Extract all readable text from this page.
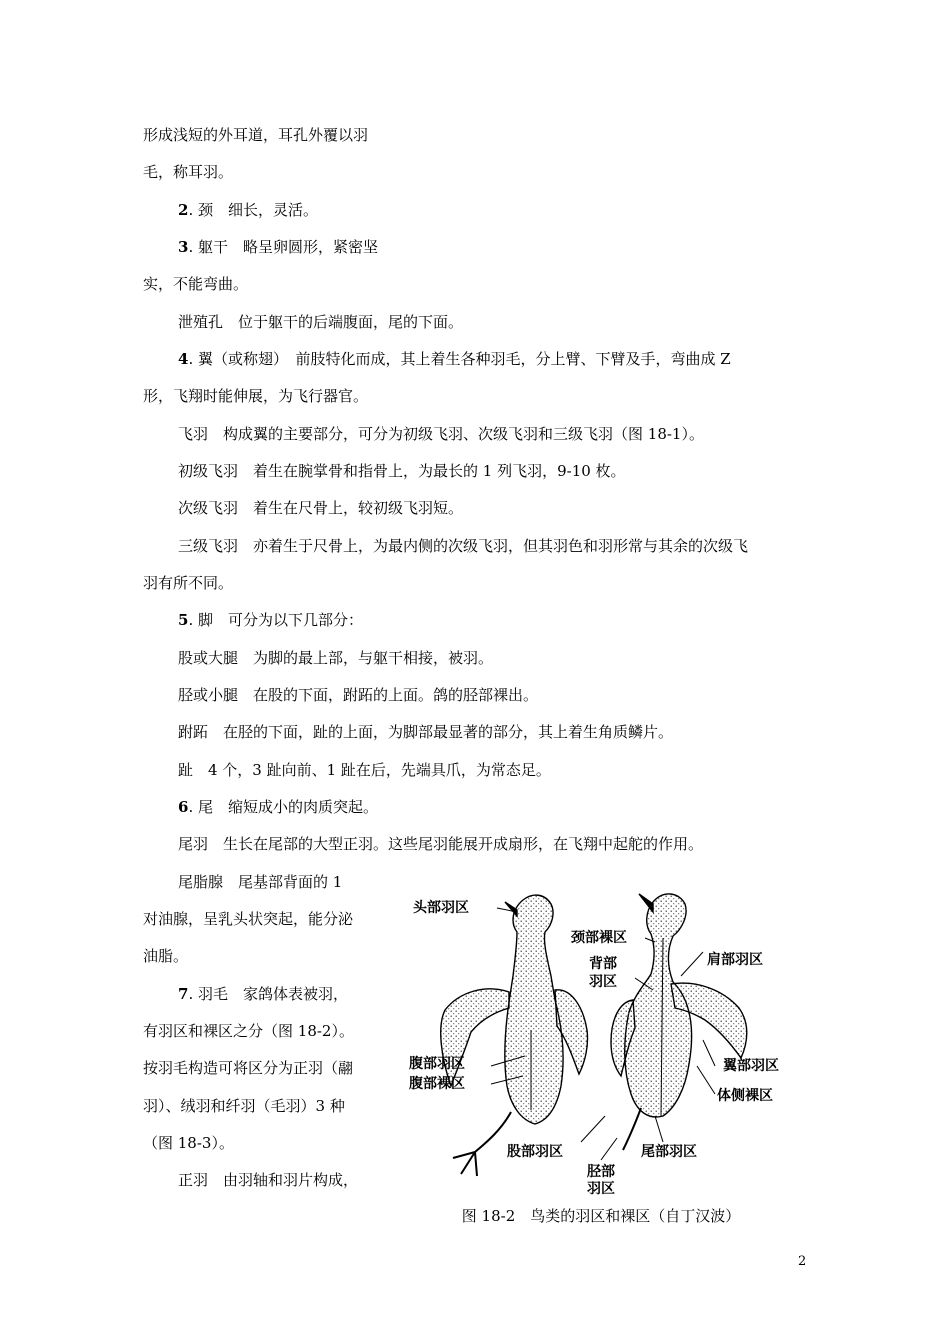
形成浅短的外耳道，耳孔外覆以羽
毛，称耳羽。
2. 颈　细长，灵活。
3. 躯干　略呈卵圆形，紧密坚
实，不能弯曲。
泄殖孔　位于躯干的后端腹面，尾的下面。
4. 翼（或称翅）　前肢特化而成，其上着生各种羽毛，分上臂、下臂及手，弯曲成 Z
形，飞翔时能伸展，为飞行器官。
飞羽　构成翼的主要部分，可分为初级飞羽、次级飞羽和三级飞羽（图 18-1）。
初级飞羽　着生在腕掌骨和指骨上，为最长的 1 列飞羽，9-10 枚。
次级飞羽　着生在尺骨上，较初级飞羽短。
三级飞羽　亦着生于尺骨上，为最内侧的次级飞羽，但其羽色和羽形常与其余的次级飞
羽有所不同。
5. 脚　可分为以下几部分：
股或大腿　为脚的最上部，与躯干相接，被羽。
胫或小腿　在股的下面，跗跖的上面。鸽的胫部裸出。
跗跖　在胫的下面，趾的上面，为脚部最显著的部分，其上着生角质鳞片。
趾　4 个，3 趾向前、1 趾在后，先端具爪，为常态足。
6. 尾　缩短成小的肉质突起。
尾羽　生长在尾部的大型正羽。这些尾羽能展开成扇形，在飞翔中起舵的作用。
尾脂腺　尾基部背面的 1
对油腺，呈乳头状突起，能分泌
油脂。
7. 羽毛　家鸽体表被羽，
有羽区和裸区之分（图 18-2）。
按羽毛构造可将区分为正羽（翮
羽）、绒羽和纤羽（毛羽）3 种
（图 18-3）。
正羽　由羽轴和羽片构成，
头部羽区
颈部裸区
背部
羽区
肩部羽区
翼部羽区
腹部羽区
腹部裸区
体侧裸区
股部羽区	尾部羽区
胫部
羽区
图 18-2　鸟类的羽区和裸区（自丁汉波）
2
